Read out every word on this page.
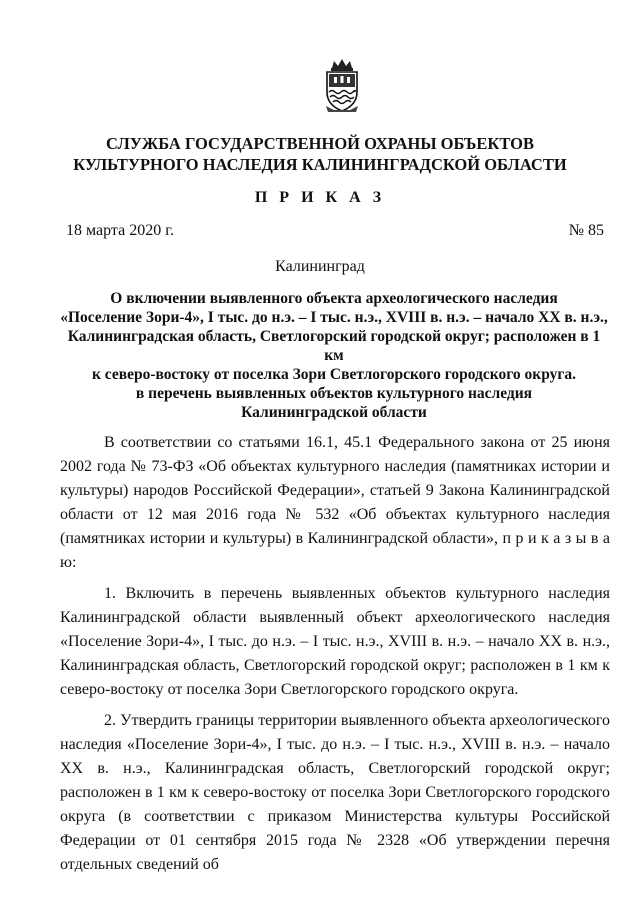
СЛУЖБА ГОСУДАРСТВЕННОЙ ОХРАНЫ ОБЪЕКТОВ
КУЛЬТУРНОГО НАСЛЕДИЯ КАЛИНИНГРАДСКОЙ ОБЛАСТИ
П Р И К А З
18 марта 2020 г.	№ 85
Калининград
О включении выявленного объекта археологического наследия
«Поселение Зори-4», I тыс. до н.э. – I тыс. н.э., XVIII в. н.э. – начало XX в. н.э.,
Калининградская область, Светлогорский городской округ; расположен в 1 км
к северо-востоку от поселка Зори Светлогорского городского округа.
в перечень выявленных объектов культурного наследия
Калининградской области

В соответствии со статьями 16.1, 45.1 Федерального закона от 25 июня 2002 года № 73-ФЗ «Об объектах культурного наследия (памятниках истории и культуры) народов Российской Федерации», статьей 9 Закона Калининградской области от 12 мая 2016 года № 532 «Об объектах культурного наследия (памятниках истории и культуры) в Калининградской области», п р и к а з ы в а ю:

1. Включить в перечень выявленных объектов культурного наследия Калининградской области выявленный объект археологического наследия «Поселение Зори-4», I тыс. до н.э. – I тыс. н.э., XVIII в. н.э. – начало XX в. н.э., Калининградская область, Светлогорский городской округ; расположен в 1 км к северо-востоку от поселка Зори Светлогорского городского округа.

2. Утвердить границы территории выявленного объекта археологического наследия «Поселение Зори-4», I тыс. до н.э. – I тыс. н.э., XVIII в. н.э. – начало XX в. н.э., Калининградская область, Светлогорский городской округ; расположен в 1 км к северо-востоку от поселка Зори Светлогорского городского округа (в соответствии с приказом Министерства культуры Российской Федерации от 01 сентября 2015 года № 2328 «Об утверждении перечня отдельных сведений об
